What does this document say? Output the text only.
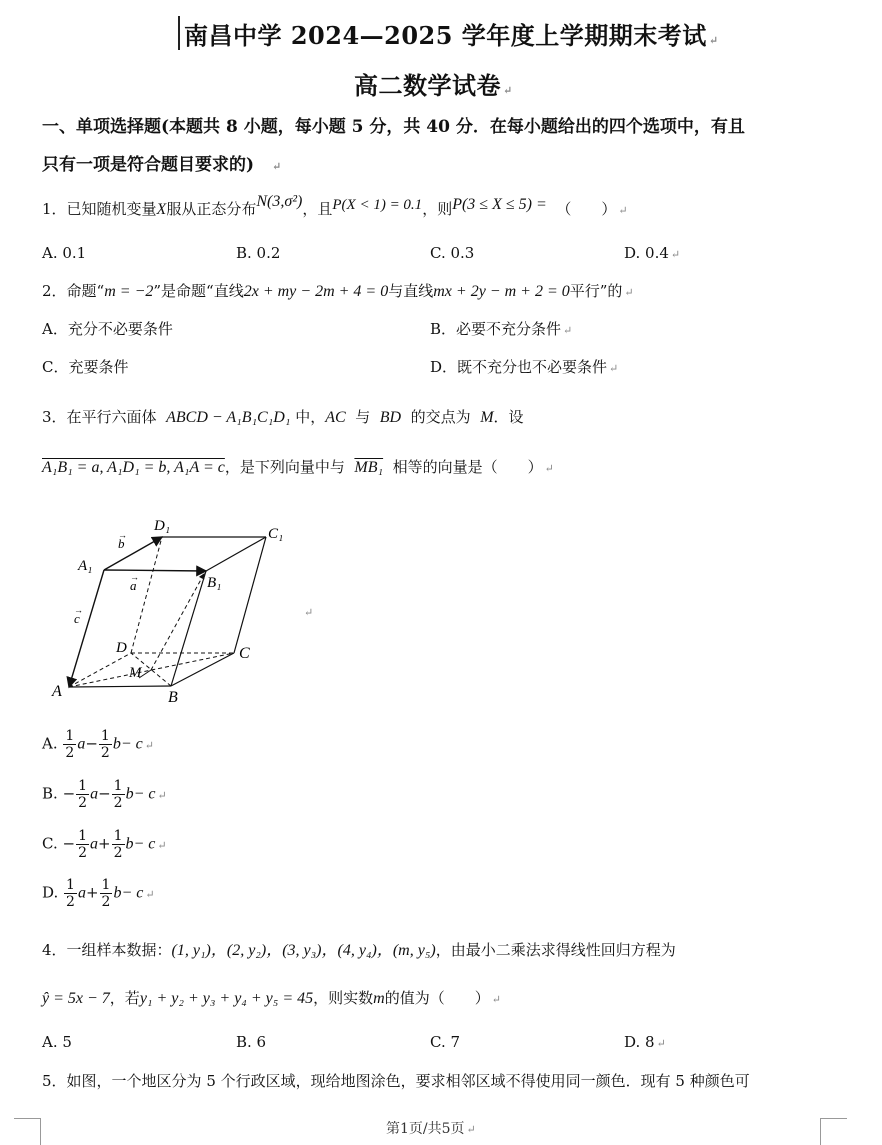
南昌中学 2024—2025 学年度上学期期末考试 ↵
高二数学试卷 ↵
一、单项选择题(本题共 8 小题，每小题 5 分，共 40 分．在每小题给出的四个选项中，有且
只有一项是符合题目要求的) ↵
1．已知随机变量X服从正态分布N(3,σ²)，且P(X < 1) = 0.1，则P(3 ≤ X ≤ 5) = （　　） ↵
A. 0.1	B. 0.2	C. 0.3	D. 0.4 ↵
2．命题“m = −2”是命题“直线2x + my − 2m + 4 = 0与直线mx + 2y − m + 2 = 0平行”的 ↵
A．充分不必要条件	B．必要不充分条件 ↵
C．充要条件	D．既不充分也不必要条件 ↵
3．在平行六面体 ABCD − A₁B₁C₁D₁ 中，AC 与 BD 的交点为 M．设
A₁B₁ = a, A₁D₁ = b, A₁A = c，是下列向量中与 MB₁ 相等的向量是（　　） ↵
D₁	C₁
A₁
B₁
A	B
C
D
M
b
a
c
→
→
→	↵
A. $\frac{1}{2} a- \frac{1}{2} b- c$ ↵
B. − $\frac{1}{2} a- \frac{1}{2} b- c$ ↵
C. − $\frac{1}{2} a+ \frac{1}{2} b- c$ ↵
D. $\frac{1}{2} a+ \frac{1}{2} b- c$ ↵
4．一组样本数据：(1, y₁)，(2, y₂)，(3, y₃)，(4, y₄)，(m, y₅)，由最小二乘法求得线性回归方程为
ŷ = 5x − 7，若y₁ + y₂ + y₃ + y₄ + y₅ = 45，则实数m的值为（　　） ↵
A. 5	B. 6	C. 7	D. 8 ↵
5．如图，一个地区分为 5 个行政区域，现给地图涂色，要求相邻区域不得使用同一颜色．现有 5 种颜色可
第1页/共5页 ↵
